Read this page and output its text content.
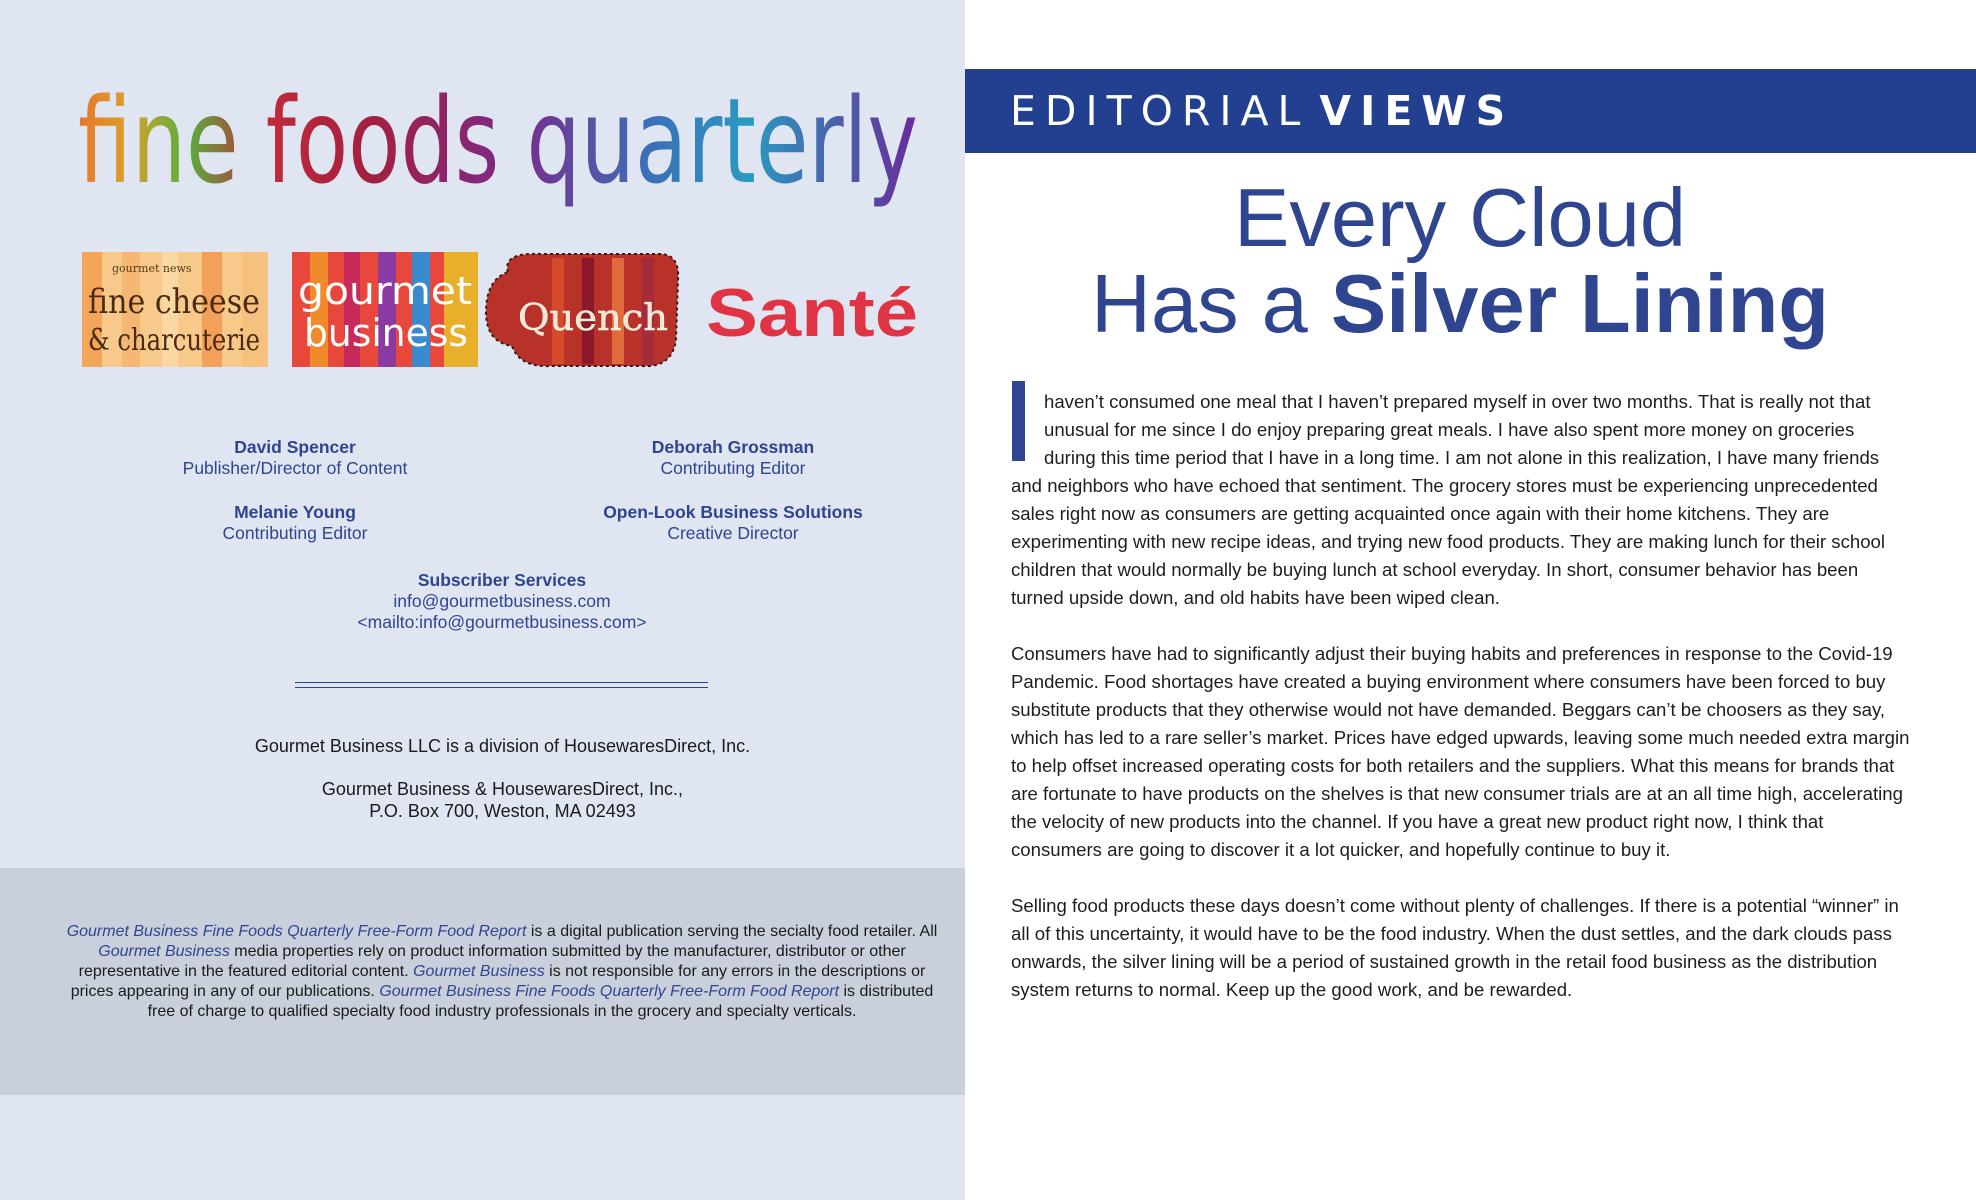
fine foods quarterly
gourmet news
fine cheese
& charcuterie
gourmet
business Quench Santé
David Spencer
Publisher/Director of Content
Deborah Grossman
Contributing Editor
Melanie Young
Contributing Editor
Open-Look Business Solutions
Creative Director
Subscriber Services
info@gourmetbusiness.com
<mailto:info@gourmetbusiness.com>
Gourmet Business LLC is a division of HousewaresDirect, Inc.
Gourmet Business & HousewaresDirect, Inc.,
P.O. Box 700, Weston, MA 02493
Gourmet Business Fine Foods Quarterly Free-Form Food Report is a digital publication serving the secialty food retailer. All Gourmet Business media properties rely on product information submitted by the manufacturer, distributor or other representative in the featured editorial content. Gourmet Business is not responsible for any errors in the descriptions or prices appearing in any of our publications. Gourmet Business Fine Foods Quarterly Free-Form Food Report is distributed free of charge to qualified specialty food industry professionals in the grocery and specialty verticals.
EDITORIAL VIEWS
Every Cloud
Has a Silver Lining

haven’t consumed one meal that I haven’t prepared myself in over two months. That is really not that unusual for me since I do enjoy preparing great meals. I have also spent more money on groceries during this time period that I have in a long time. I am not alone in this realization, I have many friends and neighbors who have echoed that sentiment. The grocery stores must be experiencing unprecedented sales right now as consumers are getting acquainted once again with their home kitchens. They are experimenting with new recipe ideas, and trying new food products. They are making lunch for their school children that would normally be buying lunch at school everyday. In short, consumer behavior has been turned upside down, and old habits have been wiped clean.

Consumers have had to significantly adjust their buying habits and preferences in response to the Covid-19 Pandemic. Food shortages have created a buying environment where consumers have been forced to buy substitute products that they otherwise would not have demanded. Beggars can’t be choosers as they say, which has led to a rare seller’s market. Prices have edged upwards, leaving some much needed extra margin to help offset increased operating costs for both retailers and the suppliers. What this means for brands that are fortunate to have products on the shelves is that new consumer trials are at an all time high, accelerating the velocity of new products into the channel. If you have a great new product right now, I think that consumers are going to discover it a lot quicker, and hopefully continue to buy it.

Selling food products these days doesn’t come without plenty of challenges. If there is a potential “winner” in all of this uncertainty, it would have to be the food industry. When the dust settles, and the dark clouds pass onwards, the silver lining will be a period of sustained growth in the retail food business as the distribution system returns to normal. Keep up the good work, and be rewarded.
